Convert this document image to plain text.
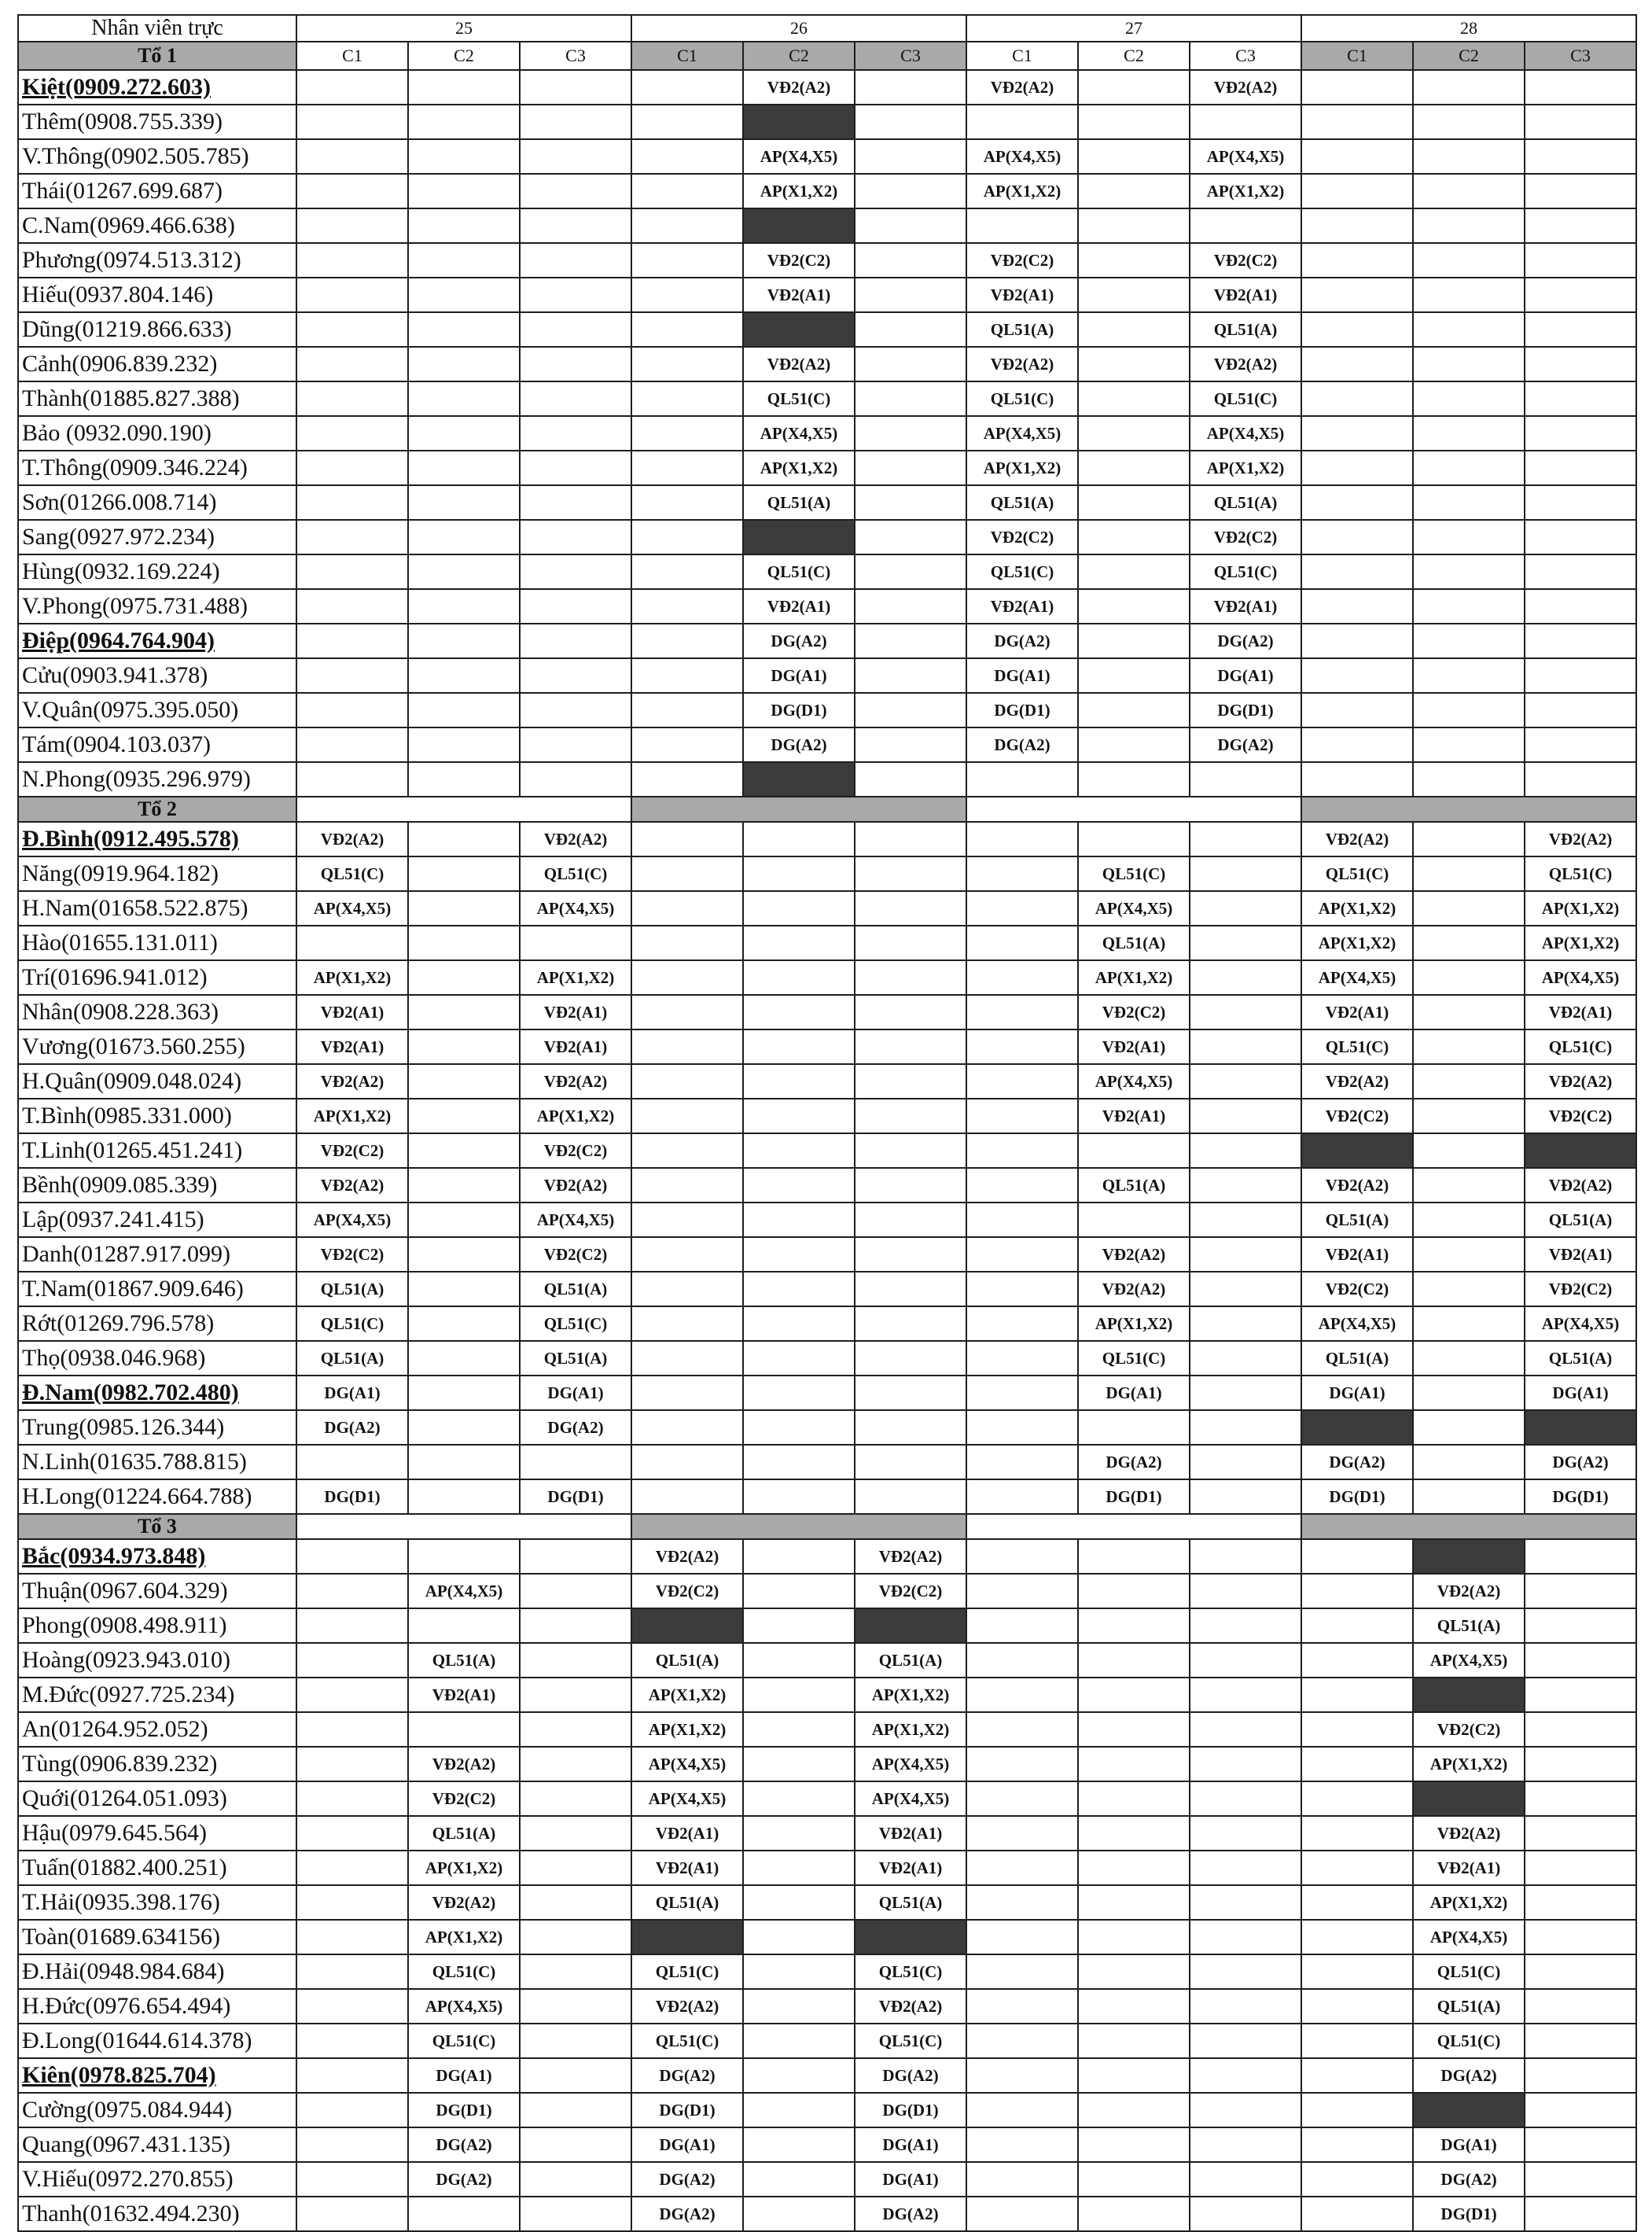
Nhân viên trực	25			26			27			28		
Tổ 1	C1	C2	C3	C1	C2	C3	C1	C2	C3	C1	C2	C3
Kiệt(0909.272.603)					VĐ2(A2)		VĐ2(A2)		VĐ2(A2)			
Thêm(0908.755.339)												
V.Thông(0902.505.785)					AP(X4,X5)		AP(X4,X5)		AP(X4,X5)			
Thái(01267.699.687)					AP(X1,X2)		AP(X1,X2)		AP(X1,X2)			
C.Nam(0969.466.638)												
Phương(0974.513.312)					VĐ2(C2)		VĐ2(C2)		VĐ2(C2)			
Hiếu(0937.804.146)					VĐ2(A1)		VĐ2(A1)		VĐ2(A1)			
Dũng(01219.866.633)							QL51(A)		QL51(A)			
Cảnh(0906.839.232)					VĐ2(A2)		VĐ2(A2)		VĐ2(A2)			
Thành(01885.827.388)					QL51(C)		QL51(C)		QL51(C)			
Bảo (0932.090.190)					AP(X4,X5)		AP(X4,X5)		AP(X4,X5)			
T.Thông(0909.346.224)					AP(X1,X2)		AP(X1,X2)		AP(X1,X2)			
Sơn(01266.008.714)					QL51(A)		QL51(A)		QL51(A)			
Sang(0927.972.234)							VĐ2(C2)		VĐ2(C2)			
Hùng(0932.169.224)					QL51(C)		QL51(C)		QL51(C)			
V.Phong(0975.731.488)					VĐ2(A1)		VĐ2(A1)		VĐ2(A1)			
Điệp(0964.764.904)					DG(A2)		DG(A2)		DG(A2)			
Cửu(0903.941.378)					DG(A1)		DG(A1)		DG(A1)			
V.Quân(0975.395.050)					DG(D1)		DG(D1)		DG(D1)			
Tám(0904.103.037)					DG(A2)		DG(A2)		DG(A2)			
N.Phong(0935.296.979)												
Tổ 2												
Đ.Bình(0912.495.578)	VĐ2(A2)		VĐ2(A2)							VĐ2(A2)		VĐ2(A2)
Năng(0919.964.182)	QL51(C)		QL51(C)					QL51(C)		QL51(C)		QL51(C)
H.Nam(01658.522.875)	AP(X4,X5)		AP(X4,X5)					AP(X4,X5)		AP(X1,X2)		AP(X1,X2)
Hào(01655.131.011)								QL51(A)		AP(X1,X2)		AP(X1,X2)
Trí(01696.941.012)	AP(X1,X2)		AP(X1,X2)					AP(X1,X2)		AP(X4,X5)		AP(X4,X5)
Nhân(0908.228.363)	VĐ2(A1)		VĐ2(A1)					VĐ2(C2)		VĐ2(A1)		VĐ2(A1)
Vương(01673.560.255)	VĐ2(A1)		VĐ2(A1)					VĐ2(A1)		QL51(C)		QL51(C)
H.Quân(0909.048.024)	VĐ2(A2)		VĐ2(A2)					AP(X4,X5)		VĐ2(A2)		VĐ2(A2)
T.Bình(0985.331.000)	AP(X1,X2)		AP(X1,X2)					VĐ2(A1)		VĐ2(C2)		VĐ2(C2)
T.Linh(01265.451.241)	VĐ2(C2)		VĐ2(C2)									
Bềnh(0909.085.339)	VĐ2(A2)		VĐ2(A2)					QL51(A)		VĐ2(A2)		VĐ2(A2)
Lập(0937.241.415)	AP(X4,X5)		AP(X4,X5)							QL51(A)		QL51(A)
Danh(01287.917.099)	VĐ2(C2)		VĐ2(C2)					VĐ2(A2)		VĐ2(A1)		VĐ2(A1)
T.Nam(01867.909.646)	QL51(A)		QL51(A)					VĐ2(A2)		VĐ2(C2)		VĐ2(C2)
Rớt(01269.796.578)	QL51(C)		QL51(C)					AP(X1,X2)		AP(X4,X5)		AP(X4,X5)
Thọ(0938.046.968)	QL51(A)		QL51(A)					QL51(C)		QL51(A)		QL51(A)
Đ.Nam(0982.702.480)	DG(A1)		DG(A1)					DG(A1)		DG(A1)		DG(A1)
Trung(0985.126.344)	DG(A2)		DG(A2)									
N.Linh(01635.788.815)								DG(A2)		DG(A2)		DG(A2)
H.Long(01224.664.788)	DG(D1)		DG(D1)					DG(D1)		DG(D1)		DG(D1)
Tổ 3												
Bắc(0934.973.848)				VĐ2(A2)		VĐ2(A2)						
Thuận(0967.604.329)		AP(X4,X5)		VĐ2(C2)		VĐ2(C2)					VĐ2(A2)	
Phong(0908.498.911)											QL51(A)	
Hoàng(0923.943.010)		QL51(A)		QL51(A)		QL51(A)					AP(X4,X5)	
M.Đức(0927.725.234)		VĐ2(A1)		AP(X1,X2)		AP(X1,X2)						
An(01264.952.052)				AP(X1,X2)		AP(X1,X2)					VĐ2(C2)	
Tùng(0906.839.232)		VĐ2(A2)		AP(X4,X5)		AP(X4,X5)					AP(X1,X2)	
Quới(01264.051.093)		VĐ2(C2)		AP(X4,X5)		AP(X4,X5)						
Hậu(0979.645.564)		QL51(A)		VĐ2(A1)		VĐ2(A1)					VĐ2(A2)	
Tuấn(01882.400.251)		AP(X1,X2)		VĐ2(A1)		VĐ2(A1)					VĐ2(A1)	
T.Hải(0935.398.176)		VĐ2(A2)		QL51(A)		QL51(A)					AP(X1,X2)	
Toàn(01689.634156)		AP(X1,X2)									AP(X4,X5)	
Đ.Hải(0948.984.684)		QL51(C)		QL51(C)		QL51(C)					QL51(C)	
H.Đức(0976.654.494)		AP(X4,X5)		VĐ2(A2)		VĐ2(A2)					QL51(A)	
Đ.Long(01644.614.378)		QL51(C)		QL51(C)		QL51(C)					QL51(C)	
Kiên(0978.825.704)		DG(A1)		DG(A2)		DG(A2)					DG(A2)	
Cường(0975.084.944)		DG(D1)		DG(D1)		DG(D1)						
Quang(0967.431.135)		DG(A2)		DG(A1)		DG(A1)					DG(A1)	
V.Hiếu(0972.270.855)		DG(A2)		DG(A2)		DG(A1)					DG(A2)	
Thanh(01632.494.230)				DG(A2)		DG(A2)					DG(D1)	
